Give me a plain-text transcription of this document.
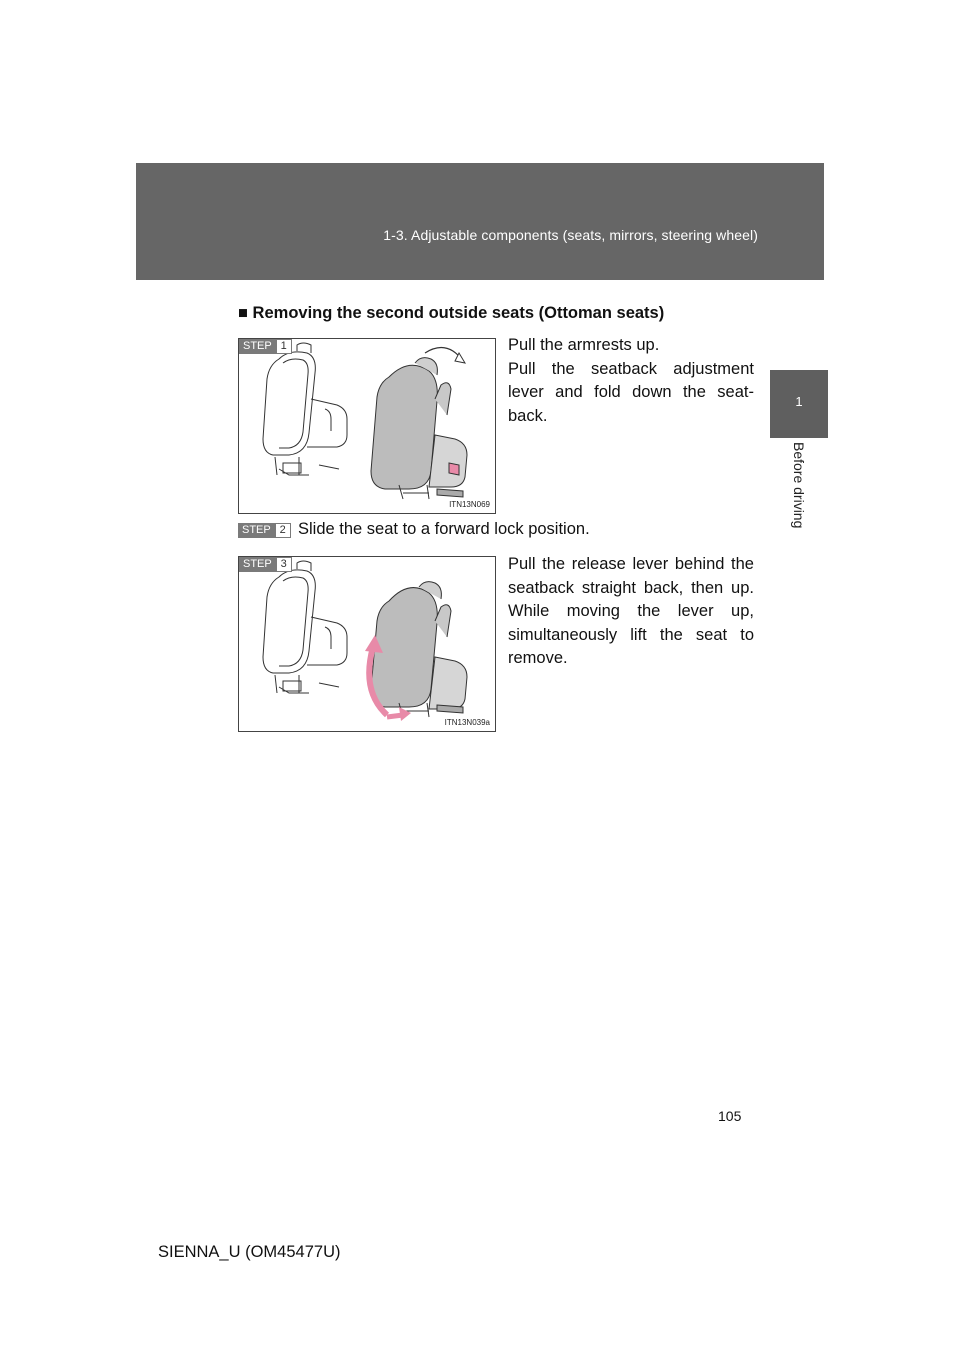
1-3. Adjustable components (seats, mirrors, steering wheel)
1
Before driving
■ Removing the second outside seats (Ottoman seats)
STEP 1
ITN13N069

Pull the armrests up.

Pull the seatback adjustment lever and fold down the seat-back.

STEP 2 Slide the seat to a forward lock position.
STEP 3
ITN13N039a

Pull the release lever behind the seatback straight back, then up. While moving the lever up, simultaneously lift the seat to remove.

105
SIENNA_U (OM45477U)
